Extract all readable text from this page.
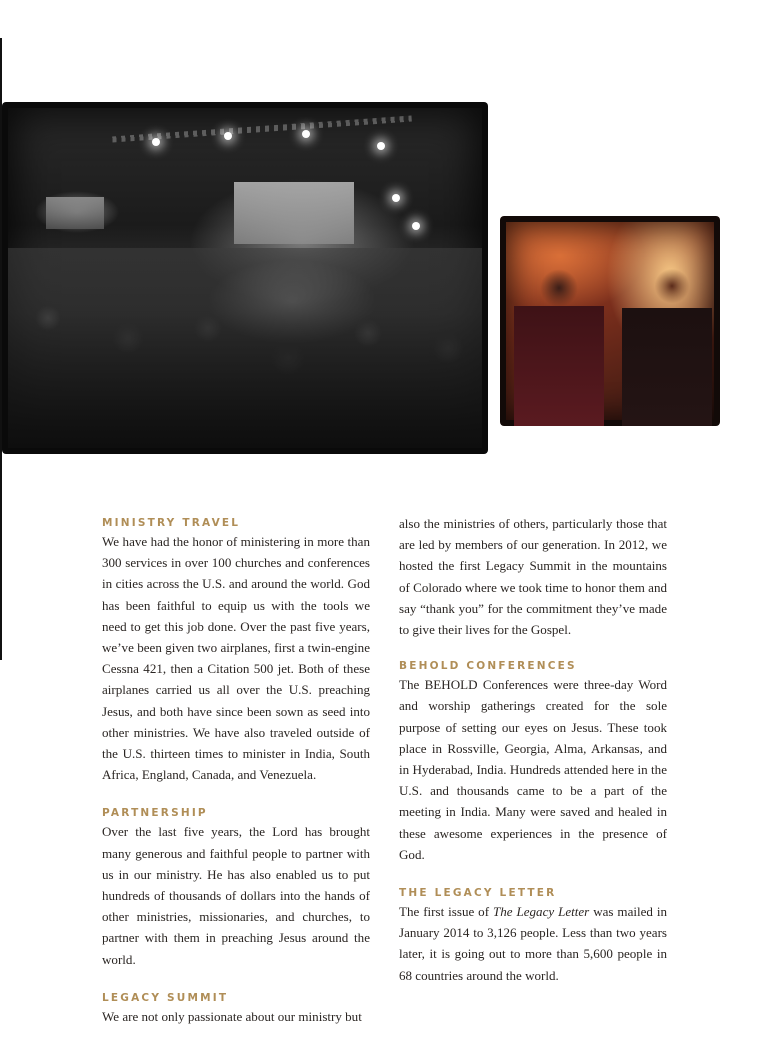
MINISTRY TRAVEL

We have had the honor of ministering in more than 300 services in over 100 churches and conferences in cities across the U.S. and around the world. God has been faithful to equip us with the tools we need to get this job done. Over the past five years, we’ve been given two airplanes, first a twin-engine Cessna 421, then a Citation 500 jet. Both of these airplanes carried us all over the U.S. preaching Jesus, and both have since been sown as seed into other ministries. We have also traveled outside of the U.S. thirteen times to minister in India, South Africa, England, Canada, and Venezuela.

PARTNERSHIP

Over the last five years, the Lord has brought many generous and faithful people to partner with us in our ministry. He has also enabled us to put hundreds of thousands of dollars into the hands of other ministries, missionaries, and churches, to partner with them in preaching Jesus around the world.

LEGACY SUMMIT

We are not only passionate about our ministry but

also the ministries of others, particularly those that are led by members of our generation. In 2012, we hosted the first Legacy Summit in the mountains of Colorado where we took time to honor them and say “thank you” for the commitment they’ve made to give their lives for the Gospel.

BEHOLD CONFERENCES

The BEHOLD Conferences were three-day Word and worship gatherings created for the sole purpose of setting our eyes on Jesus. These took place in Rossville, Georgia, Alma, Arkansas, and in Hyderabad, India. Hundreds attended here in the U.S. and thousands came to be a part of the meeting in India. Many were saved and healed in these awesome experiences in the presence of God.

THE LEGACY LETTER

The first issue of The Legacy Letter was mailed in January 2014 to 3,126 people. Less than two years later, it is going out to more than 5,600 people in 68 countries around the world.
